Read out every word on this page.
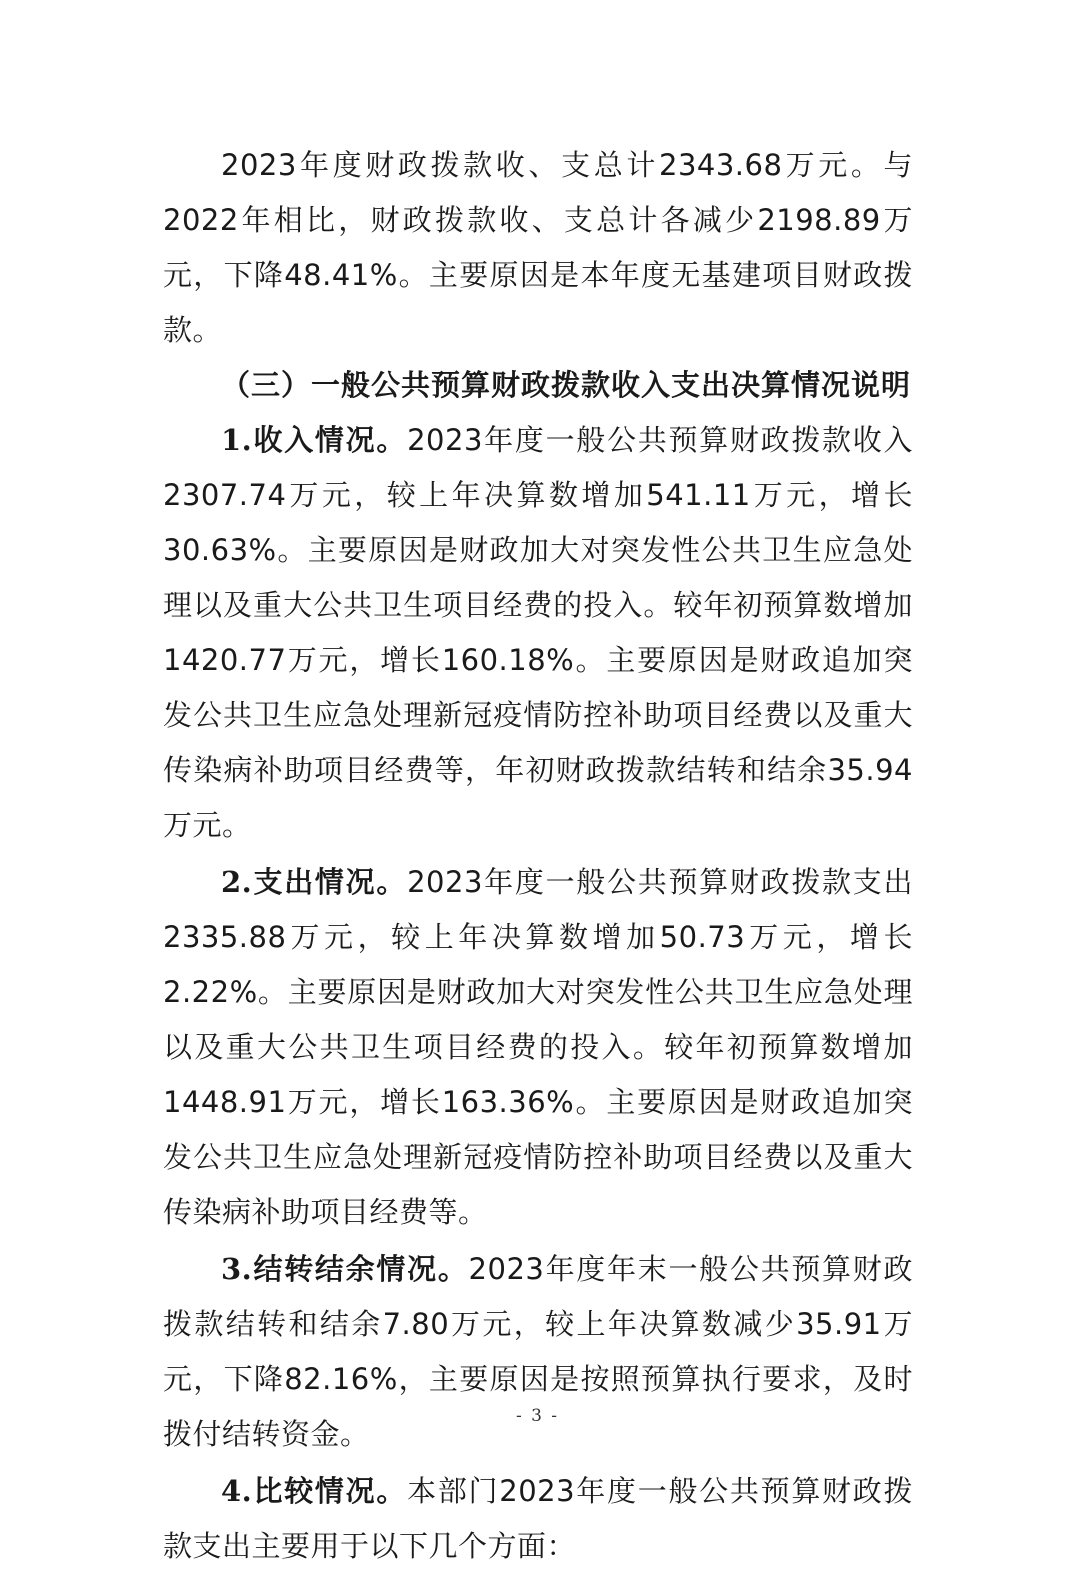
2023年度财政拨款收、支总计2343.68万元。与2022年相比，财政拨款收、支总计各减少2198.89万元，下降48.41%。主要原因是本年度无基建项目财政拨款。

（三）一般公共预算财政拨款收入支出决算情况说明

1.收入情况。2023年度一般公共预算财政拨款收入2307.74万元，较上年决算数增加541.11万元，增长30.63%。主要原因是财政加大对突发性公共卫生应急处理以及重大公共卫生项目经费的投入。较年初预算数增加1420.77万元，增长160.18%。主要原因是财政追加突发公共卫生应急处理新冠疫情防控补助项目经费以及重大传染病补助项目经费等，年初财政拨款结转和结余35.94万元。

2.支出情况。2023年度一般公共预算财政拨款支出2335.88万元，较上年决算数增加50.73万元，增长2.22%。主要原因是财政加大对突发性公共卫生应急处理以及重大公共卫生项目经费的投入。较年初预算数增加1448.91万元，增长163.36%。主要原因是财政追加突发公共卫生应急处理新冠疫情防控补助项目经费以及重大传染病补助项目经费等。

3.结转结余情况。2023年度年末一般公共预算财政拨款结转和结余7.80万元，较上年决算数减少35.91万元，下降82.16%，主要原因是按照预算执行要求，及时拨付结转资金。

4.比较情况。本部门2023年度一般公共预算财政拨款支出主要用于以下几个方面：

- 3 -
